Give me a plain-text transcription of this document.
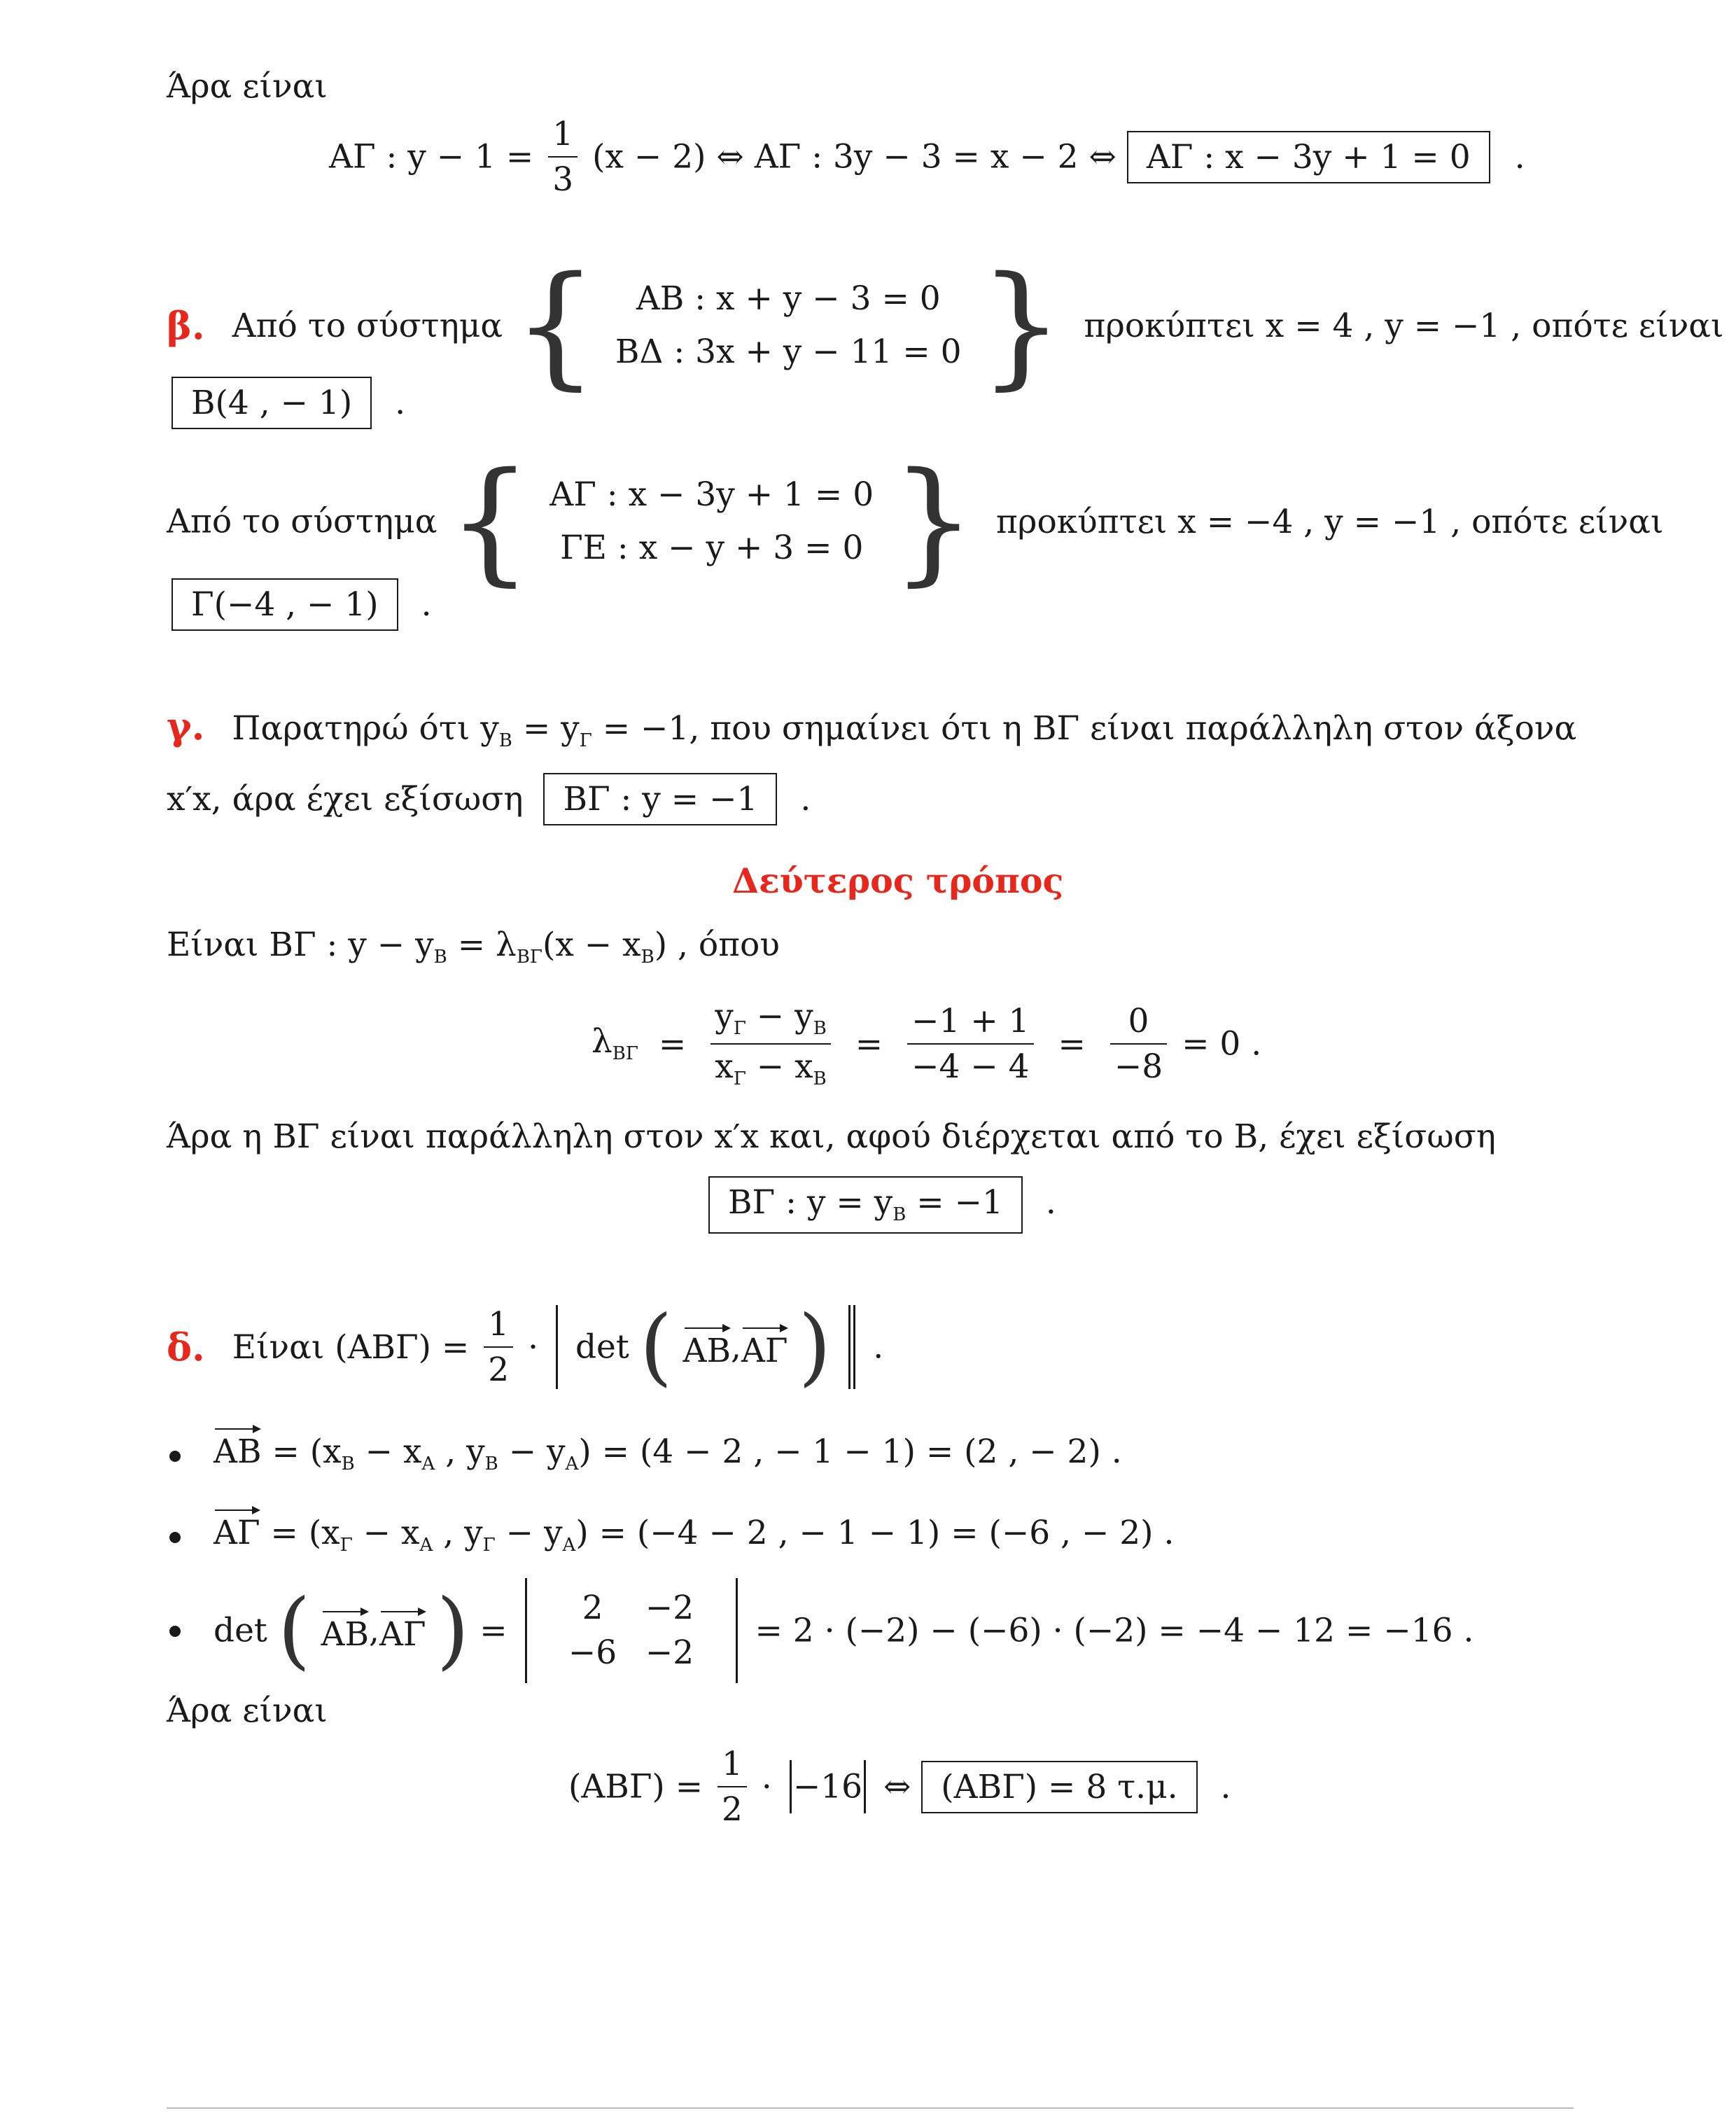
Άρα είναι
ΑΓ : $y - 1 = \frac{1}{3} (x - 2)$ ⇔ ΑΓ : 3y − 3 = x − 2 ⇔ ΑΓ : x − 3y + 1 = 0 .
β. Από το σύστημα {	ΑΒ : x + y − 3 = 0
ΒΔ : 3x + y − 11 = 0 } προκύπτει x = 4 , y = −1 , οπότε είναι
Β(4 , − 1) .
Από το σύστημα { ΑΓ : x − 3y + 1 = 0
ΓΕ : x − y + 3 = 0 } προκύπτει x = −4 , y = −1 , οπότε είναι
Γ(−4 , − 1) .
γ. Παρατηρώ ότι $y_B = y_\Gamma = -1$, που σημαίνει ότι η ΒΓ είναι παράλληλη στον άξονα
x′x, άρα έχει εξίσωση ΒΓ : y = −1 .
Δεύτερος τρόπος
Είναι ΒΓ : $y - y_B = \lambda_{B\Gamma}(x - x_B)$ , όπου
$\lambda_{B\Gamma} = \frac{y_\Gamma - y_B}{x_\Gamma - x_B} = \frac{-1 + 1}{-4 - 4} = \frac{0}{-8} = 0$ .
Άρα η ΒΓ είναι παράλληλη στον x′x και, αφού διέρχεται από το Β, έχει εξίσωση
ΒΓ : $y = y_B = -1$ .
δ. Είναι $(AB\Gamma) = \frac{1}{2} \cdot \det$ ( ΑΒ,ΑΓ ) .
$AB = (x_B - x_A$ , $y_B - y_A) = (4 - 2$ , − 1 − 1) = (2 , − 2) .
$A\Gamma = (x_\Gamma - x_A$ , $y_\Gamma - y_A) = (-4 - 2$ , − 1 − 1) = (−6 , − 2) .
det ( ΑΒ,ΑΓ ) =
2 −2
−6 −2
= 2 · (−2) − (−6) · (−2) = −4 − 12 = −16 .
Άρα είναι
$(AB\Gamma) = \frac{1}{2} \cdot -16$ ⇔ (ΑΒΓ) = 8 τ.μ. .
